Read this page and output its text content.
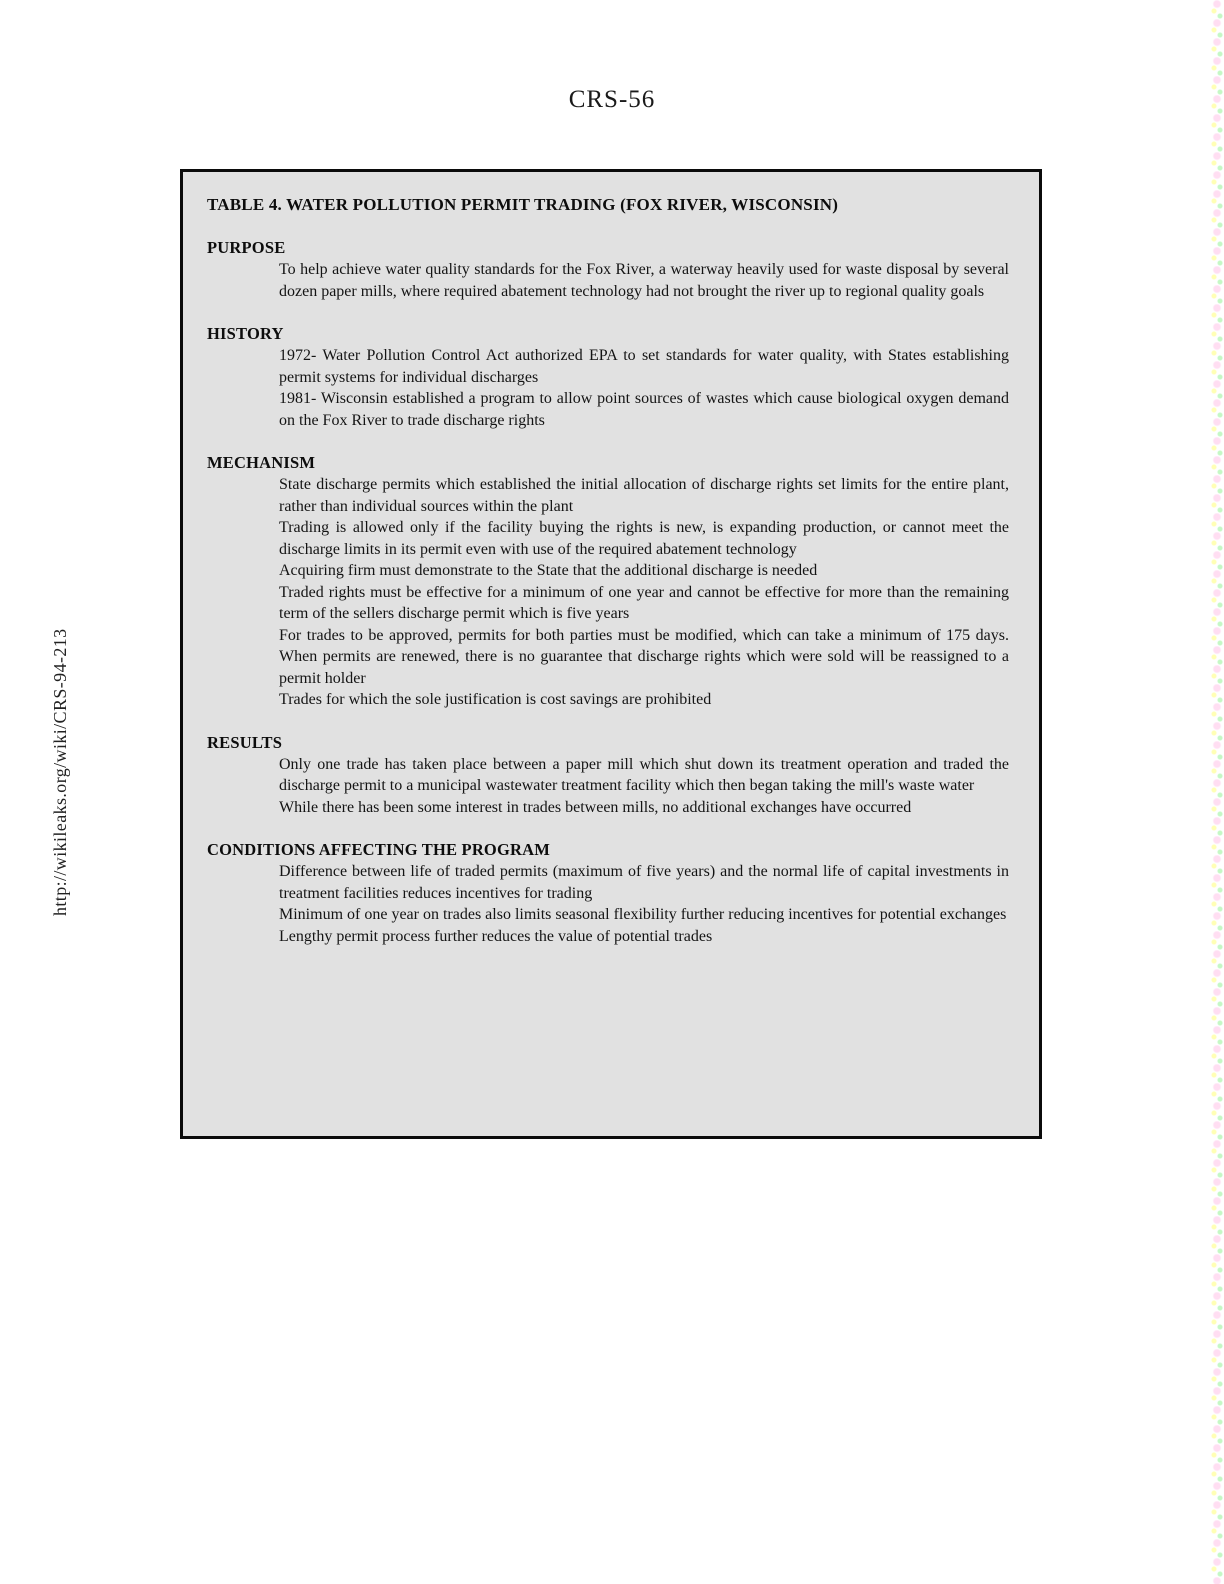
CRS-56
http://wikileaks.org/wiki/CRS-94-213
TABLE 4. WATER POLLUTION PERMIT TRADING (FOX RIVER, WISCONSIN)
PURPOSE

To help achieve water quality standards for the Fox River, a waterway heavily used for waste disposal by several dozen paper mills, where required abatement technology had not brought the river up to regional quality goals

HISTORY

1972- Water Pollution Control Act authorized EPA to set standards for water quality, with States establishing permit systems for individual discharges

1981- Wisconsin established a program to allow point sources of wastes which cause biological oxygen demand on the Fox River to trade discharge rights

MECHANISM

State discharge permits which established the initial allocation of discharge rights set limits for the entire plant, rather than individual sources within the plant

Trading is allowed only if the facility buying the rights is new, is expanding production, or cannot meet the discharge limits in its permit even with use of the required abatement technology

Acquiring firm must demonstrate to the State that the additional discharge is needed

Traded rights must be effective for a minimum of one year and cannot be effective for more than the remaining term of the sellers discharge permit which is five years

For trades to be approved, permits for both parties must be modified, which can take a minimum of 175 days. When permits are renewed, there is no guarantee that discharge rights which were sold will be reassigned to a permit holder

Trades for which the sole justification is cost savings are prohibited

RESULTS

Only one trade has taken place between a paper mill which shut down its treatment operation and traded the discharge permit to a municipal wastewater treatment facility which then began taking the mill's waste water

While there has been some interest in trades between mills, no additional exchanges have occurred

CONDITIONS AFFECTING THE PROGRAM

Difference between life of traded permits (maximum of five years) and the normal life of capital investments in treatment facilities reduces incentives for trading

Minimum of one year on trades also limits seasonal flexibility further reducing incentives for potential exchanges

Lengthy permit process further reduces the value of potential trades
